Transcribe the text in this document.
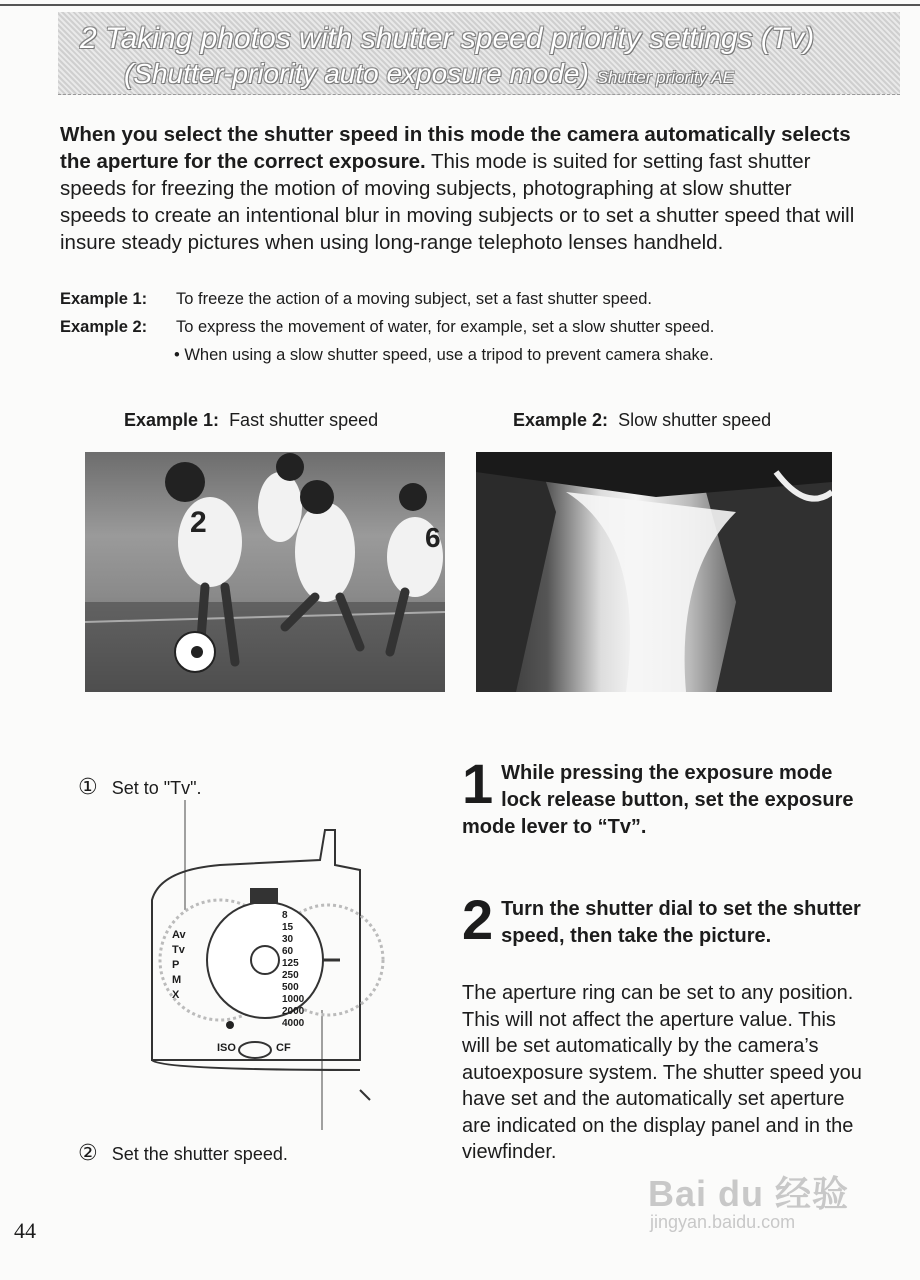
2 Taking photos with shutter speed priority settings (Tv)
(Shutter-priority auto exposure mode) Shutter priority AE
When you select the shutter speed in this mode the camera automatically selects the aperture for the correct exposure. This mode is suited for setting fast shutter speeds for freezing the motion of moving subjects, photographing at slow shutter speeds to create an intentional blur in moving subjects or to set a shutter speed that will insure steady pictures when using long-range telephoto lenses handheld.
Example 1:	To freeze the action of a moving subject, set a fast shutter speed.
Example 2:	To express the movement of water, for example, set a slow shutter speed.
• When using a slow shutter speed, use a tripod to prevent camera shake.
Example 1: Fast shutter speed	Example 2: Slow shutter speed
2	6
① Set to "Tv".
Av
Tv
P
M
X
8
15
30
60
125
250
500
1000
2000
4000
ISO	CF
② Set the shutter speed.
1 While pressing the exposure mode lock release button, set the exposure mode lever to “Tv”.
2 Turn the shutter dial to set the shutter speed, then take the picture.
The aperture ring can be set to any position. This will not affect the aperture value. This will be set automatically by the camera’s autoexposure system. The shutter speed you have set and the automatically set aperture are indicated on the display panel and in the viewfinder.
44
Bai du 经验
jingyan.baidu.com
